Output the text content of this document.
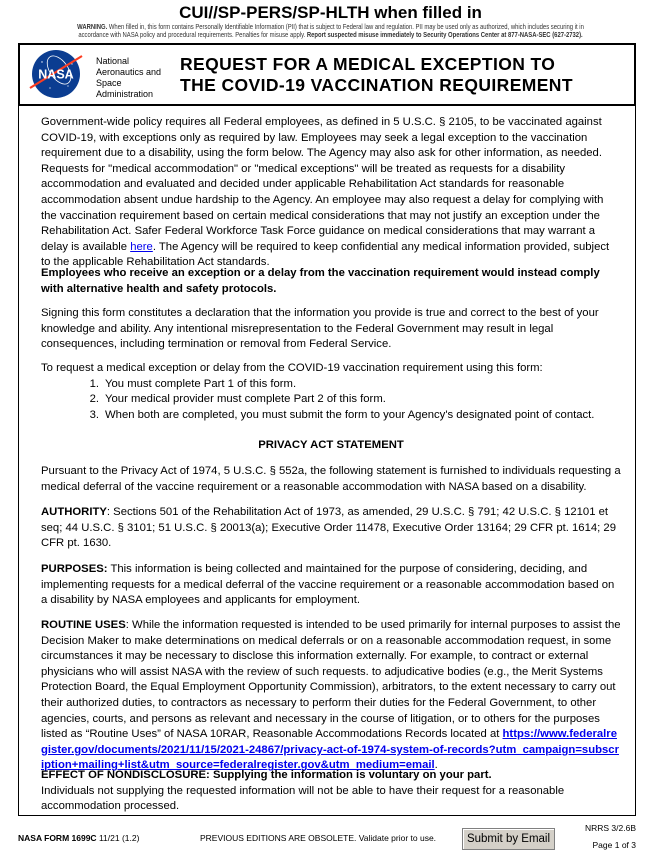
CUI//SP-PERS/SP-HLTH when filled in
WARNING. When filled in, this form contains Personally Identifiable Information (PII) that is subject to Federal law and regulation. PII may be used only as authorized, which includes securing it in
accordance with NASA policy and procedural requirements. Penalties for misuse apply. Report suspected misuse immediately to Security Operations Center at 877-NASA-SEC (627-2732).
NASA
National
Aeronautics and
Space
Administration
REQUEST FOR A MEDICAL EXCEPTION TO
THE COVID-19 VACCINATION REQUIREMENT
Government-wide policy requires all Federal employees, as defined in 5 U.S.C. § 2105, to be vaccinated against COVID-19, with exceptions only as required by law. Employees may seek a legal exception to the vaccination requirement due to a disability, using the form below. The Agency may also ask for other information, as needed. Requests for "medical accommodation" or "medical exceptions" will be treated as requests for a disability accommodation and evaluated and decided under applicable Rehabilitation Act standards for reasonable accommodation absent undue hardship to the Agency. An employee may also request a delay for complying with the vaccination requirement based on certain medical considerations that may not justify an exception under the Rehabilitation Act. Safer Federal Workforce Task Force guidance on medical considerations that may warrant a delay is available here. The Agency will be required to keep confidential any medical information provided, subject to the applicable Rehabilitation Act standards.
Employees who receive an exception or a delay from the vaccination requirement would instead comply with alternative health and safety protocols.
Signing this form constitutes a declaration that the information you provide is true and correct to the best of your knowledge and ability. Any intentional misrepresentation to the Federal Government may result in legal consequences, including termination or removal from Federal Service.
To request a medical exception or delay from the COVID-19 vaccination requirement using this form:
1. You must complete Part 1 of this form.
2. Your medical provider must complete Part 2 of this form.
3. When both are completed, you must submit the form to your Agency's designated point of contact.
PRIVACY ACT STATEMENT
Pursuant to the Privacy Act of 1974, 5 U.S.C. § 552a, the following statement is furnished to individuals requesting a medical deferral of the vaccine requirement or a reasonable accommodation with NASA based on a disability.
AUTHORITY: Sections 501 of the Rehabilitation Act of 1973, as amended, 29 U.S.C. § 791; 42 U.S.C. § 12101 et seq; 44 U.S.C. § 3101; 51 U.S.C. § 20013(a); Executive Order 11478, Executive Order 13164; 29 CFR pt. 1614; 29 CFR pt. 1630.
PURPOSES: This information is being collected and maintained for the purpose of considering, deciding, and implementing requests for a medical deferral of the vaccine requirement or a reasonable accommodation based on a disability by NASA employees and applicants for employment.
ROUTINE USES: While the information requested is intended to be used primarily for internal purposes to assist the Decision Maker to make determinations on medical deferrals or on a reasonable accommodation request, in some circumstances it may be necessary to disclose this information externally. For example, to contract or external physicians who will assist NASA with the review of such requests. to adjudicative bodies (e.g., the Merit Systems Protection Board, the Equal Employment Opportunity Commission), arbitrators, to the extent necessary to carry out their authorized duties, to contractors as necessary to perform their duties for the Federal Government, to other agencies, courts, and persons as relevant and necessary in the course of litigation, or to others for the purposes listed as “Routine Uses” of NASA 10RAR, Reasonable Accommodations Records located at https://www.federalregister.gov/documents/2021/11/15/2021-24867/privacy-act-of-1974-system-of-records?utm_campaign=subscription+mailing+list&utm_source=federalregister.gov&utm_medium=email.
EFFECT OF NONDISCLOSURE: Supplying the information is voluntary on your part.
Individuals not supplying the requested information will not be able to have their request for a reasonable accommodation processed.
NASA FORM 1699C 11/21 (1.2)	PREVIOUS EDITIONS ARE OBSOLETE. Validate prior to use.	Submit by Email
NRRS 3/2.6B
Page 1 of 3
